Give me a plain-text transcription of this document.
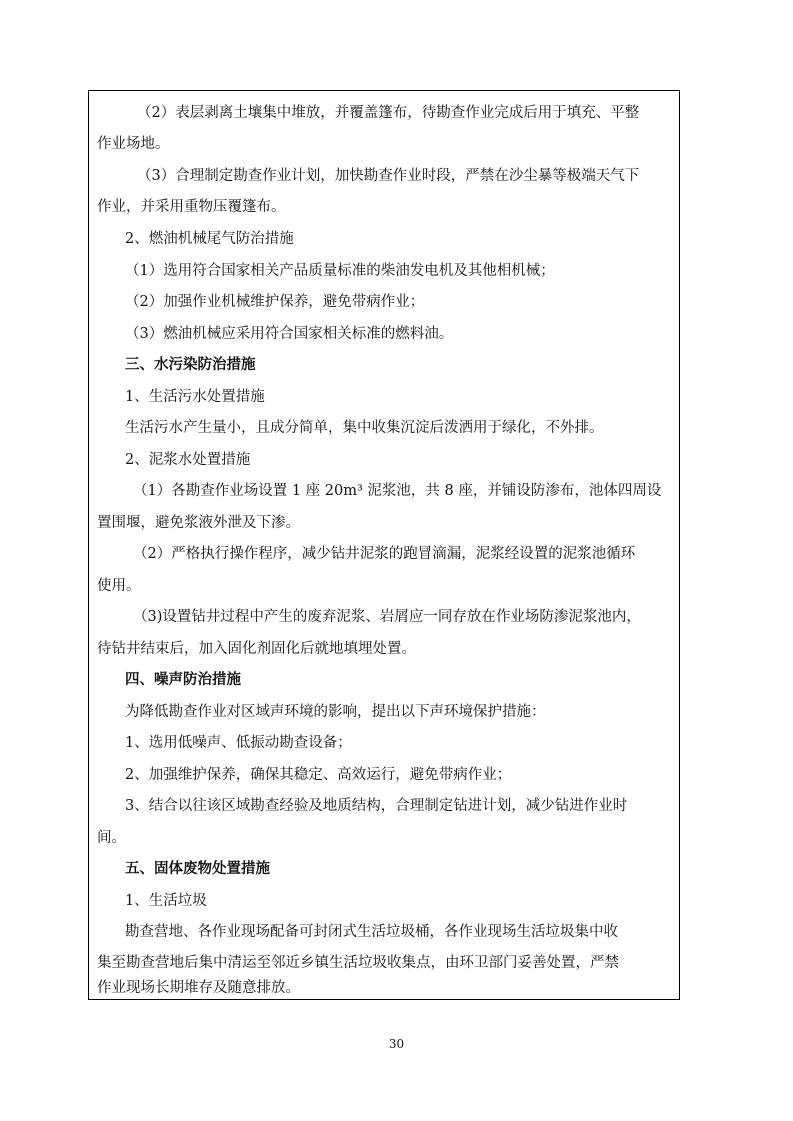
（2）表层剥离土壤集中堆放，并覆盖篷布，待勘查作业完成后用于填充、平整
作业场地。
（3）合理制定勘查作业计划，加快勘查作业时段，严禁在沙尘暴等极端天气下
作业，并采用重物压覆篷布。
2、燃油机械尾气防治措施
（1）选用符合国家相关产品质量标准的柴油发电机及其他相机械；
（2）加强作业机械维护保养，避免带病作业；
（3）燃油机械应采用符合国家相关标准的燃料油。
三、水污染防治措施
1、生活污水处置措施
生活污水产生量小，且成分简单，集中收集沉淀后泼洒用于绿化，不外排。
2、泥浆水处置措施
（1）各勘查作业场设置 1 座 20m³ 泥浆池，共 8 座，并铺设防渗布，池体四周设
置围堰，避免浆液外泄及下渗。
（2）严格执行操作程序，减少钻井泥浆的跑冒滴漏，泥浆经设置的泥浆池循环
使用。
（3)设置钻井过程中产生的废弃泥浆、岩屑应一同存放在作业场防渗泥浆池内，
待钻井结束后，加入固化剂固化后就地填埋处置。
四、噪声防治措施
为降低勘查作业对区域声环境的影响，提出以下声环境保护措施：
1、选用低噪声、低振动勘查设备；
2、加强维护保养，确保其稳定、高效运行，避免带病作业；
3、结合以往该区域勘查经验及地质结构，合理制定钻进计划，减少钻进作业时
间。
五、固体废物处置措施
1、生活垃圾
勘查营地、各作业现场配备可封闭式生活垃圾桶，各作业现场生活垃圾集中收
集至勘查营地后集中清运至邻近乡镇生活垃圾收集点，由环卫部门妥善处置，严禁
作业现场长期堆存及随意排放。
30
